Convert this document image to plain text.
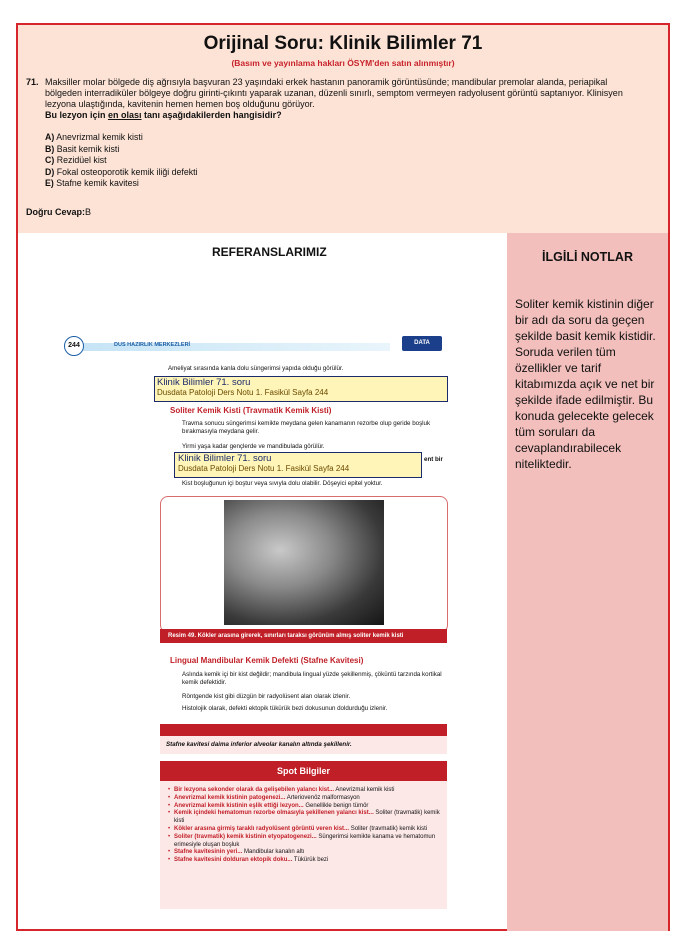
Orijinal Soru: Klinik Bilimler 71
(Basım ve yayınlama hakları ÖSYM'den satın alınmıştır)
71. Maksiller molar bölgede diş ağrısıyla başvuran 23 yaşındaki erkek hastanın panoramik görüntüsünde; mandibular premolar alanda, periapikal bölgeden interradiküler bölgeye doğru girinti-çıkıntı yaparak uzanan, düzenli sınırlı, semptom vermeyen radyolusent görüntü saptanıyor. Klinisyen lezyona ulaştığında, kavitenin hemen hemen boş olduğunu görüyor.
Bu lezyon için en olası tanı aşağıdakilerden hangisidir?
A) Anevrizmal kemik kisti
B) Basit kemik kisti
C) Rezidüel kist
D) Fokal osteoporotik kemik iliği defekti
E) Stafne kemik kavitesi
Doğru Cevap:B
REFERANSLARIMIZ
244	DUS HAZIRLIK MERKEZLERİ	DATA
Ameliyat sırasında kanla dolu süngerimsi yapıda olduğu görülür.
Klinik Bilimler 71. soru
Dusdata Patoloji Ders Notu 1. Fasikül Sayfa 244
Soliter Kemik Kisti (Travmatik Kemik Kisti)
Travma sonucu süngerimsi kemikte meydana gelen kanamanın rezorbe olup geride boşluk bırakmasıyla meydana gelir.
Yirmi yaşa kadar gençlerde ve mandibulada görülür.
Klinik Bilimler 71. soru
Dusdata Patoloji Ders Notu 1. Fasikül Sayfa 244
ent bir
Kist boşluğunun içi boştur veya sıvıyla dolu olabilir. Döşeyici epitel yoktur.
Resim 49. Kökler arasına girerek, sınırları taraksı görünüm almış soliter kemik kisti
Lingual Mandibular Kemik Defekti (Stafne Kavitesi)
Aslında kemik içi bir kist değildir; mandibula lingual yüzde şekillenmiş, çöküntü tarzında kortikal kemik defektidir.
Röntgende kist gibi düzgün bir radyolüsent alan olarak izlenir.
Histolojik olarak, defekti ektopik tükürük bezi dokusunun doldurduğu izlenir.
Stafne kavitesi daima inferior alveolar kanalın altında şekillenir.
Spot Bilgiler
• Bir lezyona sekonder olarak da gelişebilen yalancı kist... Anevrizmal kemik kisti
• Anevrizmal kemik kistinin patogenezi... Arteriovenöz malformasyon
• Anevrizmal kemik kistinin eşlik ettiği lezyon... Genellikle benign tümör
• Kemik içindeki hematomun rezorbe olmasıyla şekillenen yalancı kist... Soliter (travmatik) kemik kisti
• Kökler arasına girmiş taraklı radyolüsent görüntü veren kist... Soliter (travmatik) kemik kisti
• Soliter (travmatik) kemik kistinin etyopatogenezi... Süngerimsi kemikte kanama ve hematomun erimesiyle oluşan boşluk
• Stafne kavitesinin yeri... Mandibular kanalın altı
• Stafne kavitesini dolduran ektopik doku... Tükürük bezi
İLGİLİ NOTLAR
Soliter kemik kistinin diğer bir adı da soru da geçen şekilde basit kemik kistidir. Soruda verilen tüm özellikler ve tarif kitabımızda açık ve net bir şekilde ifade edilmiştir. Bu konuda gelecekte gelecek tüm soruları da cevaplandırabilecek niteliktedir.
